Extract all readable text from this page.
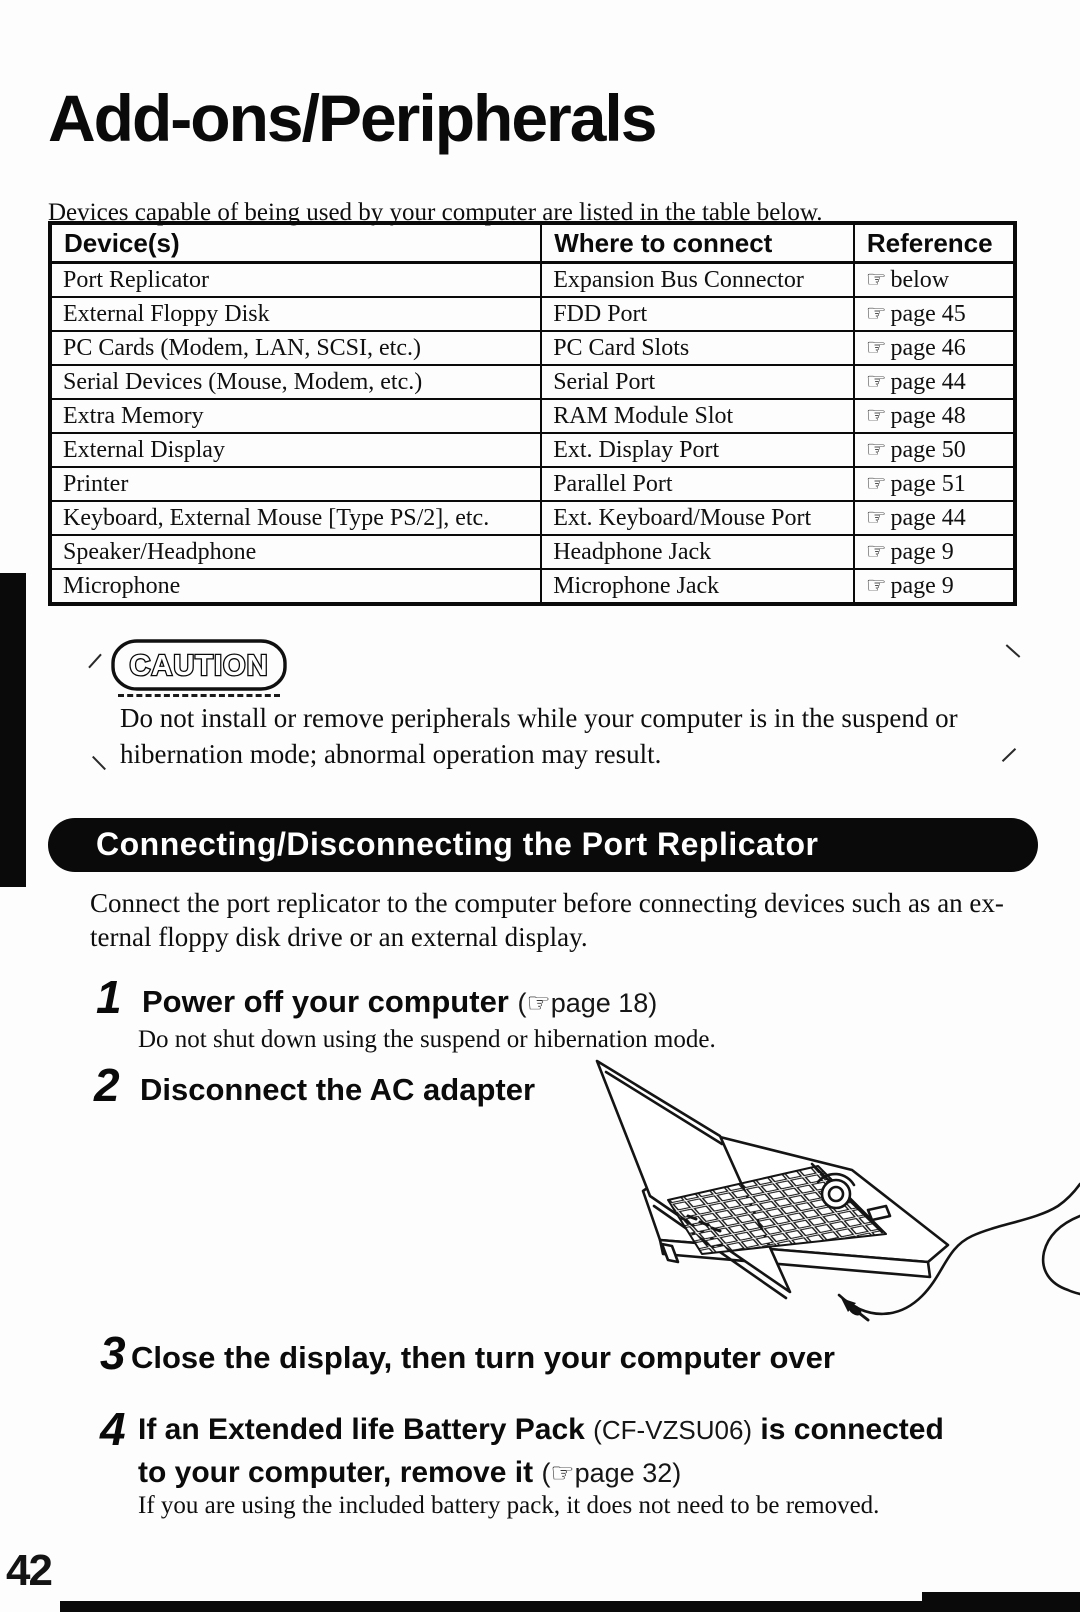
Add-ons/Peripherals

Devices capable of being used by your computer are listed in the table below.

Device(s)	Where to connect	Reference
Port Replicator	Expansion Bus Connector	☞ below
External Floppy Disk	FDD Port	☞ page 45
PC Cards (Modem, LAN, SCSI, etc.)	PC Card Slots	☞ page 46
Serial Devices (Mouse, Modem, etc.)	Serial Port	☞ page 44
Extra Memory	RAM Module Slot	☞ page 48
External Display	Ext. Display Port	☞ page 50
Printer	Parallel Port	☞ page 51
Keyboard, External Mouse [Type PS/2], etc.	Ext. Keyboard/Mouse Port	☞ page 44
Speaker/Headphone	Headphone Jack	☞ page 9
Microphone	Microphone Jack	☞ page 9
CAUTION
Do not install or remove peripherals while your computer is in the suspend or
hibernation mode; abnormal operation may result.
Connecting/Disconnecting the Port Replicator
Connect the port replicator to the computer before connecting devices such as an ex-
ternal floppy disk drive or an external display.
1 Power off your computer (☞page 18)
Do not shut down using the suspend or hibernation mode.
2 Disconnect the AC adapter
3 Close the display, then turn your computer over
4 If an Extended life Battery Pack (CF-VZSU06) is connected
to your computer, remove it (☞page 32)
If you are using the included battery pack, it does not need to be removed.
42
